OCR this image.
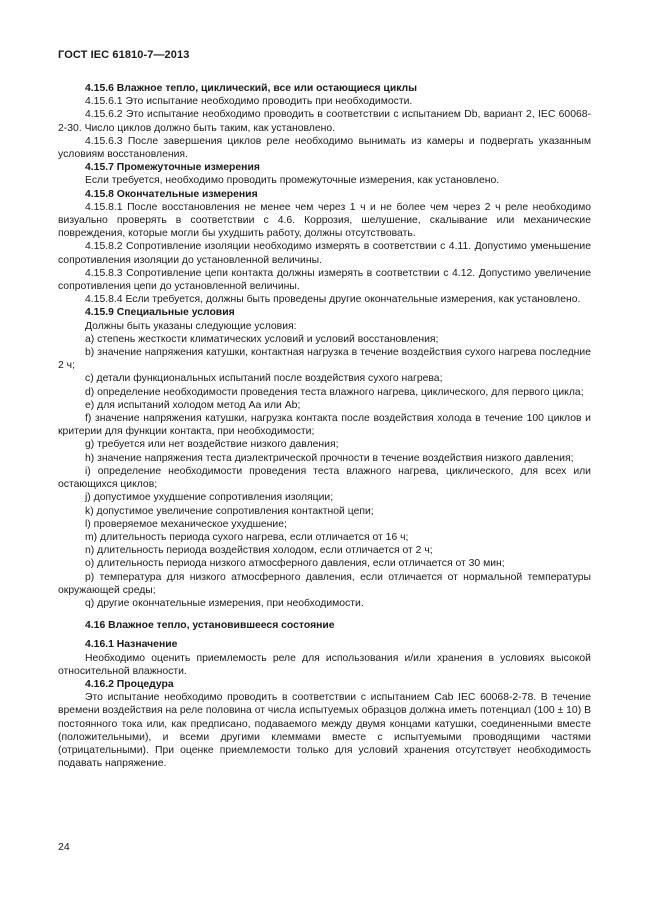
ГОСТ IEC 61810-7—2013

4.15.6 Влажное тепло, циклический, все или остающиеся циклы

4.15.6.1 Это испытание необходимо проводить при необходимости.

4.15.6.2 Это испытание необходимо проводить в соответствии с испытанием Db, вариант 2, IEC 60068-2-30. Число циклов должно быть таким, как установлено.

4.15.6.3 После завершения циклов реле необходимо вынимать из камеры и подвергать указанным условиям восстановления.

4.15.7 Промежуточные измерения

Если требуется, необходимо проводить промежуточные измерения, как установлено.

4.15.8 Окончательные измерения

4.15.8.1 После восстановления не менее чем через 1 ч и не более чем через 2 ч реле необходимо визуально проверять в соответствии с 4.6. Коррозия, шелушение, скалывание или механические повреждения, которые могли бы ухудшить работу, должны отсутствовать.

4.15.8.2 Сопротивление изоляции необходимо измерять в соответствии с 4.11. Допустимо уменьшение сопротивления изоляции до установленной величины.

4.15.8.3 Сопротивление цепи контакта должны измерять в соответствии с 4.12. Допустимо увеличение сопротивления цепи до установленной величины.

4.15.8.4 Если требуется, должны быть проведены другие окончательные измерения, как установлено.

4.15.9 Специальные условия

Должны быть указаны следующие условия:

а) степень жесткости климатических условий и условий восстановления;

b) значение напряжения катушки, контактная нагрузка в течение воздействия сухого нагрева последние 2 ч;

с) детали функциональных испытаний после воздействия сухого нагрева;

d) определение необходимости проведения теста влажного нагрева, циклического, для первого цикла;

е) для испытаний холодом метод Аа или Ab;

f) значение напряжения катушки, нагрузка контакта после воздействия холода в течение 100 циклов и критерии для функции контакта, при необходимости;

g) требуется или нет воздействие низкого давления;

h) значение напряжения теста диэлектрической прочности в течение воздействия низкого давления;

i) определение необходимости проведения теста влажного нагрева, циклического, для всех или остающихся циклов;

j) допустимое ухудшение сопротивления изоляции;

k) допустимое увеличение сопротивления контактной цепи;

l) проверяемое механическое ухудшение;

m) длительность периода сухого нагрева, если отличается от 16 ч;

n) длительность периода воздействия холодом, если отличается от 2 ч;

о) длительность периода низкого атмосферного давления, если отличается от 30 мин;

р) температура для низкого атмосферного давления, если отличается от нормальной температуры окружающей среды;

q) другие окончательные измерения, при необходимости.

4.16 Влажное тепло, установившееся состояние

4.16.1 Назначение

Необходимо оценить приемлемость реле для использования и/или хранения в условиях высокой относительной влажности.

4.16.2 Процедура

Это испытание необходимо проводить в соответствии с испытанием Cab IEC 60068-2-78. В течение времени воздействия на реле половина от числа испытуемых образцов должна иметь потенциал (100 ± 10) В постоянного тока или, как предписано, подаваемого между двумя концами катушки, соединенными вместе (положительными), и всеми другими клеммами вместе с испытуемыми проводящими частями (отрицательными). При оценке приемлемости только для условий хранения отсутствует необходимость подавать напряжение.

24
